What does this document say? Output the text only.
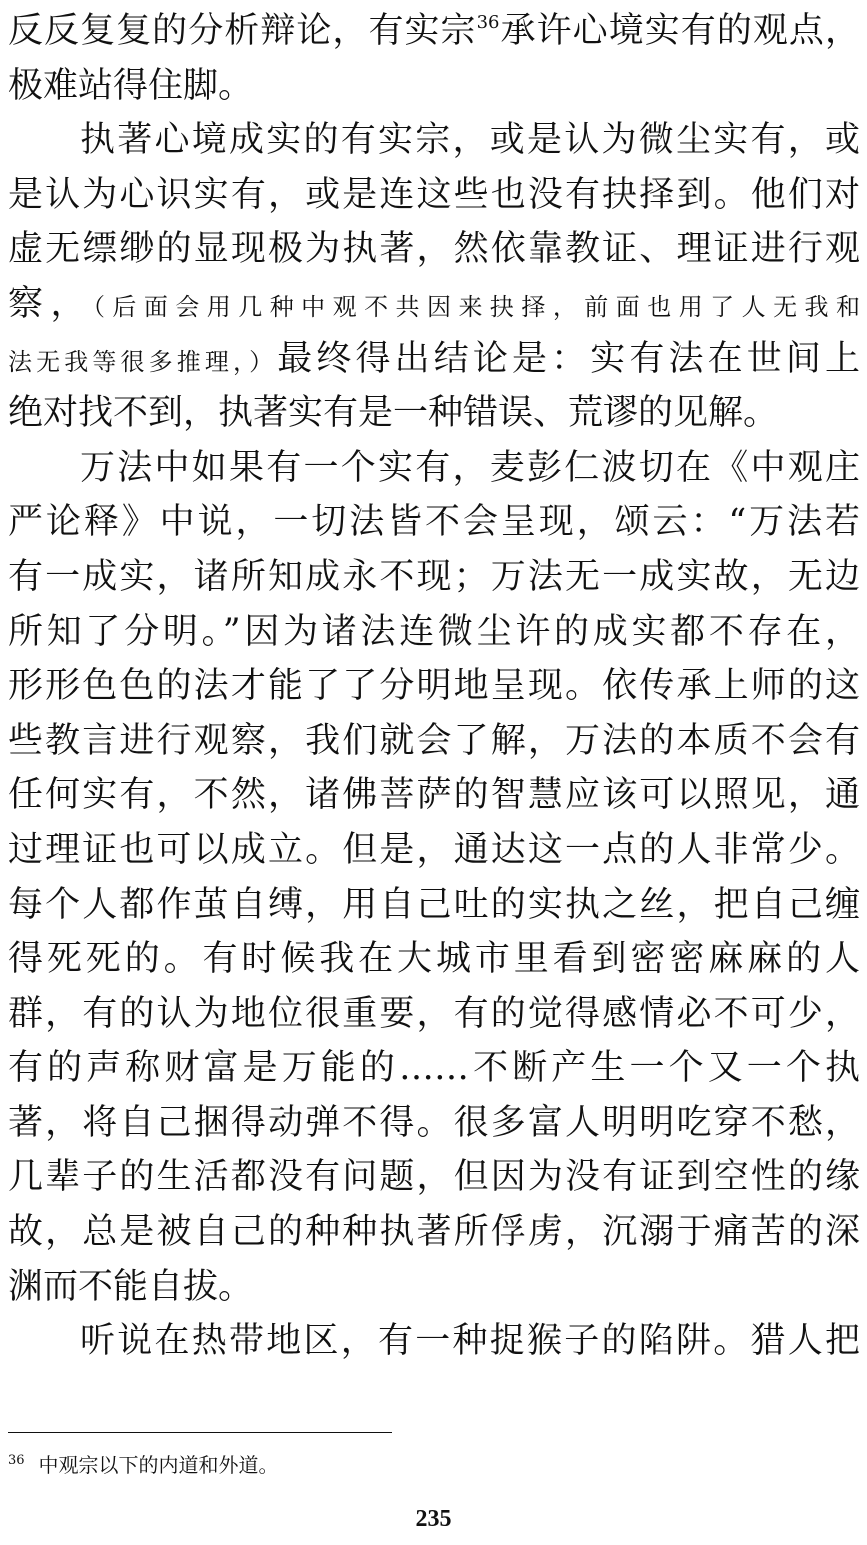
反反复复的分析辩论，有实宗$^{36}$承许心境实有的观点，
极难站得住脚。
执著心境成实的有实宗，或是认为微尘实有，或
是认为心识实有，或是连这些也没有抉择到。他们对
虚无缥缈的显现极为执著，然依靠教证、理证进行观
察，（后面会用几种中观不共因来抉择，前面也用了人无我和
法无我等很多推理，）最终得出结论是：实有法在世间上
绝对找不到，执著实有是一种错误、荒谬的见解。
万法中如果有一个实有，麦彭仁波切在《中观庄
严论释》中说，一切法皆不会呈现，颂云：“万法若
有一成实，诸所知成永不现；万法无一成实故，无边
所知了分明。”因为诸法连微尘许的成实都不存在，
形形色色的法才能了了分明地呈现。依传承上师的这
些教言进行观察，我们就会了解，万法的本质不会有
任何实有，不然，诸佛菩萨的智慧应该可以照见，通
过理证也可以成立。但是，通达这一点的人非常少。
每个人都作茧自缚，用自己吐的实执之丝，把自己缠
得死死的。有时候我在大城市里看到密密麻麻的人
群，有的认为地位很重要，有的觉得感情必不可少，
有的声称财富是万能的……不断产生一个又一个执
著，将自己捆得动弹不得。很多富人明明吃穿不愁，
几辈子的生活都没有问题，但因为没有证到空性的缘
故，总是被自己的种种执著所俘虏，沉溺于痛苦的深
渊而不能自拔。
听说在热带地区，有一种捉猴子的陷阱。猎人把
$^{36}$ 中观宗以下的内道和外道。
235
